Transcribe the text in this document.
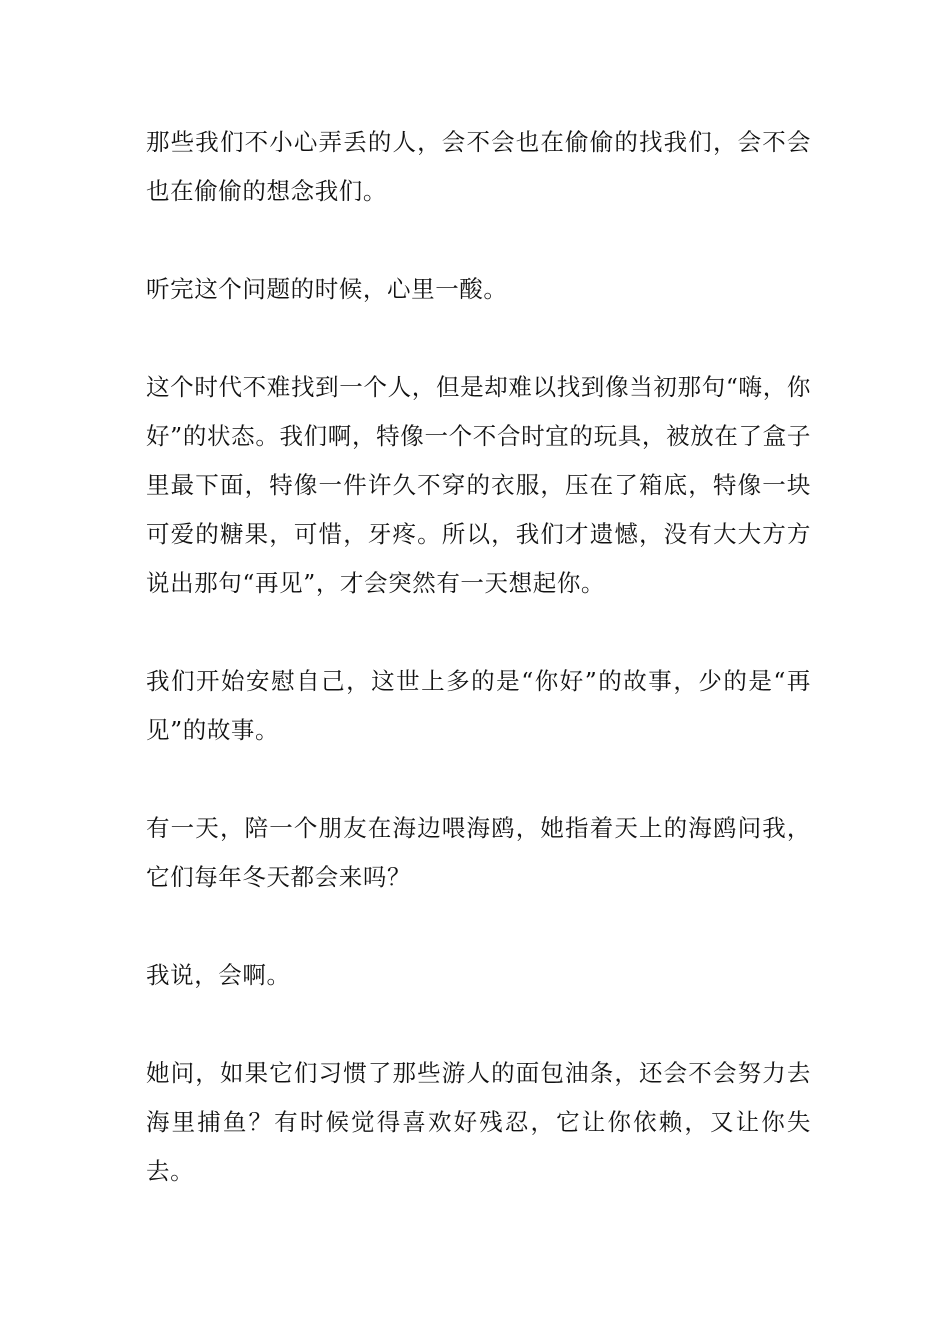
那些我们不小心弄丢的人，会不会也在偷偷的找我们，会不会也在偷偷的想念我们。

听完这个问题的时候，心里一酸。

这个时代不难找到一个人，但是却难以找到像当初那句“嗨，你好”的状态。我们啊，特像一个不合时宜的玩具，被放在了盒子里最下面，特像一件许久不穿的衣服，压在了箱底，特像一块可爱的糖果，可惜，牙疼。所以，我们才遗憾，没有大大方方说出那句“再见”，才会突然有一天想起你。

我们开始安慰自己，这世上多的是“你好”的故事，少的是“再见”的故事。

有一天，陪一个朋友在海边喂海鸥，她指着天上的海鸥问我，它们每年冬天都会来吗？

我说，会啊。

她问，如果它们习惯了那些游人的面包油条，还会不会努力去海里捕鱼？有时候觉得喜欢好残忍，它让你依赖，又让你失去。
